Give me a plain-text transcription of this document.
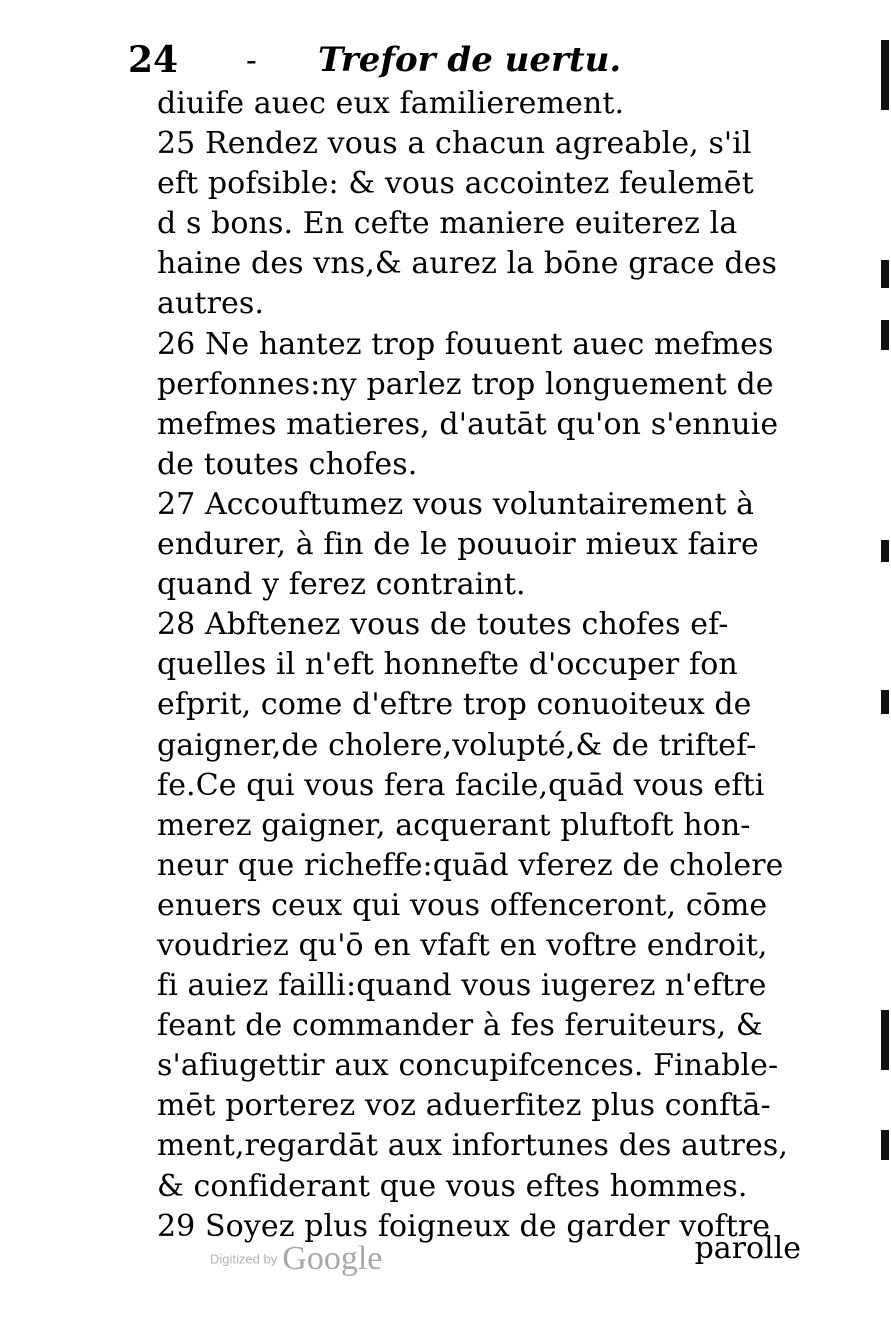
24 - Trefor de uertu.
diuife auec eux familierement.
25 Rendez vous a chacun agreable, s'il
eft pofsible: & vous accointez feulemēt
d s bons. En cefte maniere euiterez la
haine des vns,& aurez la bōne grace des
autres.
26 Ne hantez trop fouuent auec mefmes
perfonnes:ny parlez trop longuement de
mefmes matieres, d'autāt qu'on s'ennuie
de toutes chofes.
27 Accouftumez vous voluntairement à
endurer, à fin de le pouuoir mieux faire
quand y ferez contraint.
28 Abftenez vous de toutes chofes ef-
quelles il n'eft honnefte d'occuper fon
efprit, come d'eftre trop conuoiteux de
gaigner,de cholere,volupté,& de triftef-
fe.Ce qui vous fera facile,quād vous efti
merez gaigner, acquerant pluftoft hon-
neur que richeffe:quād vferez de cholere
enuers ceux qui vous offenceront, cōme
voudriez qu'ō en vfaft en voftre endroit,
fi auiez failli:quand vous iugerez n'eftre
feant de commander à fes feruiteurs, &
s'afiugettir aux concupifcences. Finable-
mēt porterez voz aduerfitez plus conftā-
ment,regardāt aux infortunes des autres,
& confiderant que vous eftes hommes.
29 Soyez plus foigneux de garder voftre
parolle
Digitized by Google
